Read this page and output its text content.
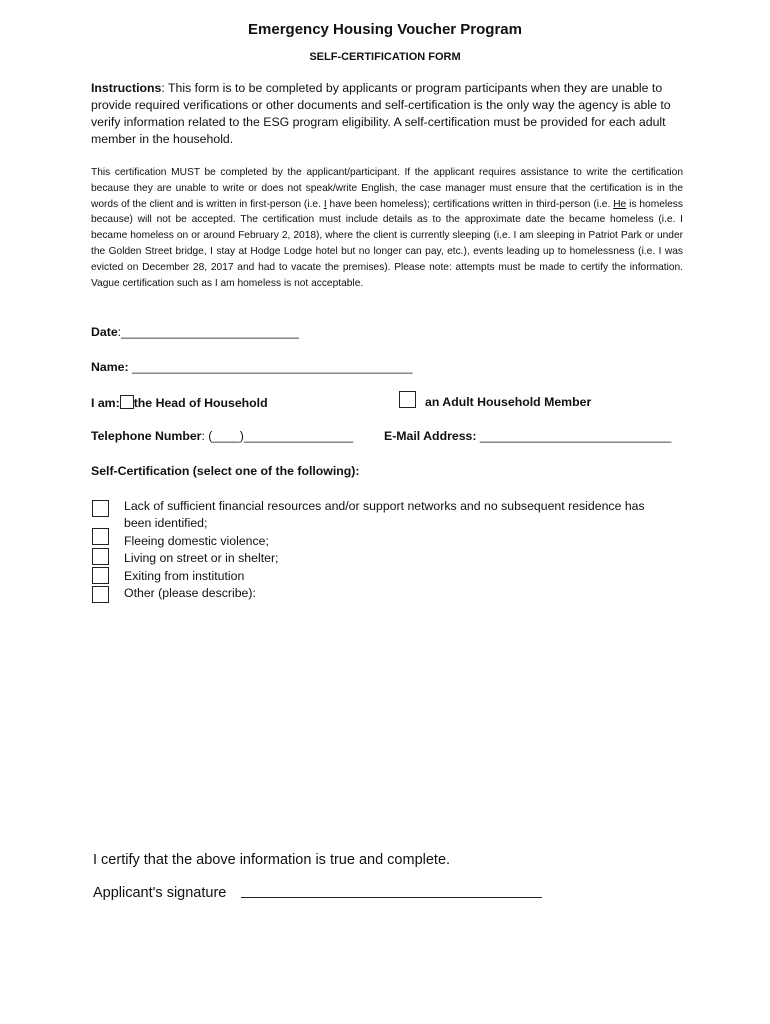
Emergency Housing Voucher Program
SELF-CERTIFICATION FORM
Instructions: This form is to be completed by applicants or program participants when they are unable to provide required verifications or other documents and self-certification is the only way the agency is able to verify information related to the ESG program eligibility. A self-certification must be provided for each adult member in the household.
This certification MUST be completed by the applicant/participant. If the applicant requires assistance to write the certification because they are unable to write or does not speak/write English, the case manager must ensure that the certification is in the words of the client and is written in first-person (i.e. I have been homeless); certifications written in third-person (i.e. He is homeless because) will not be accepted. The certification must include details as to the approximate date the became homeless (i.e. I became homeless on or around February 2, 2018), where the client is currently sleeping (i.e. I am sleeping in Patriot Park or under the Golden Street bridge, I stay at Hodge Lodge hotel but no longer can pay, etc.), events leading up to homelessness (i.e. I was evicted on December 28, 2017 and had to vacate the premises). Please note: attempts must be made to certify the information. Vague certification such as I am homeless is not acceptable.
Date:__________________________
Name: _________________________________________
I am: the Head of Household	an Adult Household Member
Telephone Number: (____)________________ E-Mail Address: ____________________________
Self-Certification (select one of the following):
Lack of sufficient financial resources and/or support networks and no subsequent residence has been identified;
Fleeing domestic violence;
Living on street or in shelter;
Exiting from institution
Other (please describe):
I certify that the above information is true and complete.
Applicant's signature
